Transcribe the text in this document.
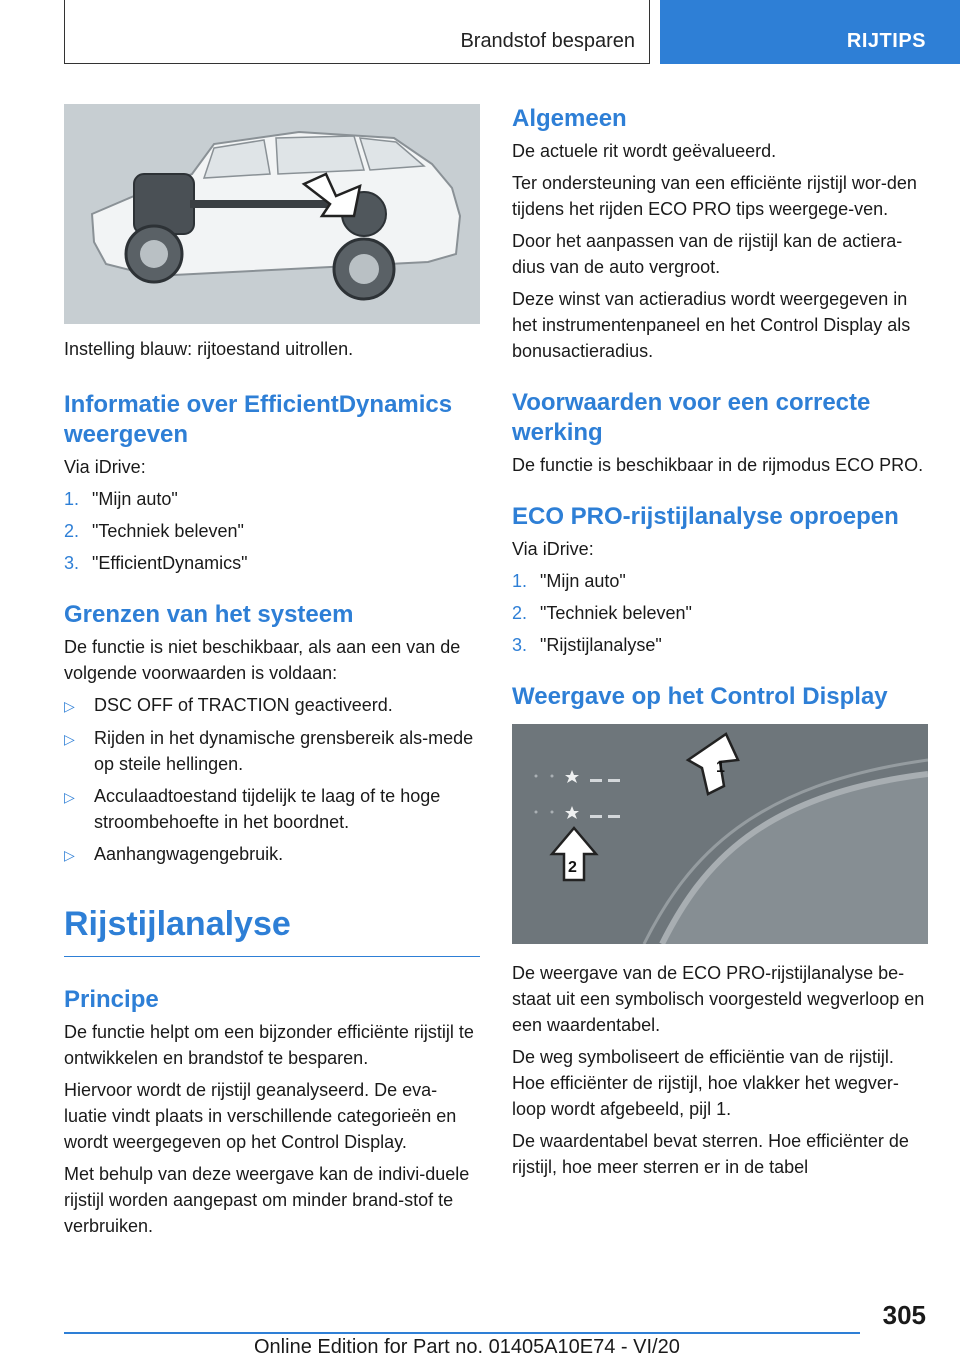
Brandstof besparen	RIJTIPS
Instelling blauw: rijtoestand uitrollen.
Informatie over EfficientDynamics weergeven

Via iDrive:

1. "Mijn auto"
2. "Techniek beleven"
3. "EfficientDynamics"
Grenzen van het systeem

De functie is niet beschikbaar, als aan een van de volgende voorwaarden is voldaan:

▷	DSC OFF of TRACTION geactiveerd.
▷	Rijden in het dynamische grensbereik als-mede op steile hellingen.
▷	Acculaadtoestand tijdelijk te laag of te hoge stroombehoefte in het boordnet.
▷	Aanhangwagengebruik.
Rijstijlanalyse
Principe

De functie helpt om een bijzonder efficiënte rijstijl te ontwikkelen en brandstof te besparen.

Hiervoor wordt de rijstijl geanalyseerd. De eva-luatie vindt plaats in verschillende categorieën en wordt weergegeven op het Control Display.

Met behulp van deze weergave kan de indivi-duele rijstijl worden aangepast om minder brand-stof te verbruiken.

Algemeen

De actuele rit wordt geëvalueerd.

Ter ondersteuning van een efficiënte rijstijl wor-den tijdens het rijden ECO PRO tips weergege-ven.

Door het aanpassen van de rijstijl kan de actiera-dius van de auto vergroot.

Deze winst van actieradius wordt weergegeven in het instrumentenpaneel en het Control Display als bonusactieradius.

Voorwaarden voor een correcte werking

De functie is beschikbaar in de rijmodus ECO PRO.

ECO PRO-rijstijlanalyse oproepen

Via iDrive:

1. "Mijn auto"
2. "Techniek beleven"
3. "Rijstijlanalyse"
Weergave op het Control Display
1
2

De weergave van de ECO PRO-rijstijlanalyse be-staat uit een symbolisch voorgesteld wegverloop en een waardentabel.

De weg symboliseert de efficiëntie van de rijstijl. Hoe efficiënter de rijstijl, hoe vlakker het wegver-loop wordt afgebeeld, pijl 1.

De waardentabel bevat sterren. Hoe efficiënter de rijstijl, hoe meer sterren er in de tabel

305
Online Edition for Part no. 01405A10E74 - VI/20
